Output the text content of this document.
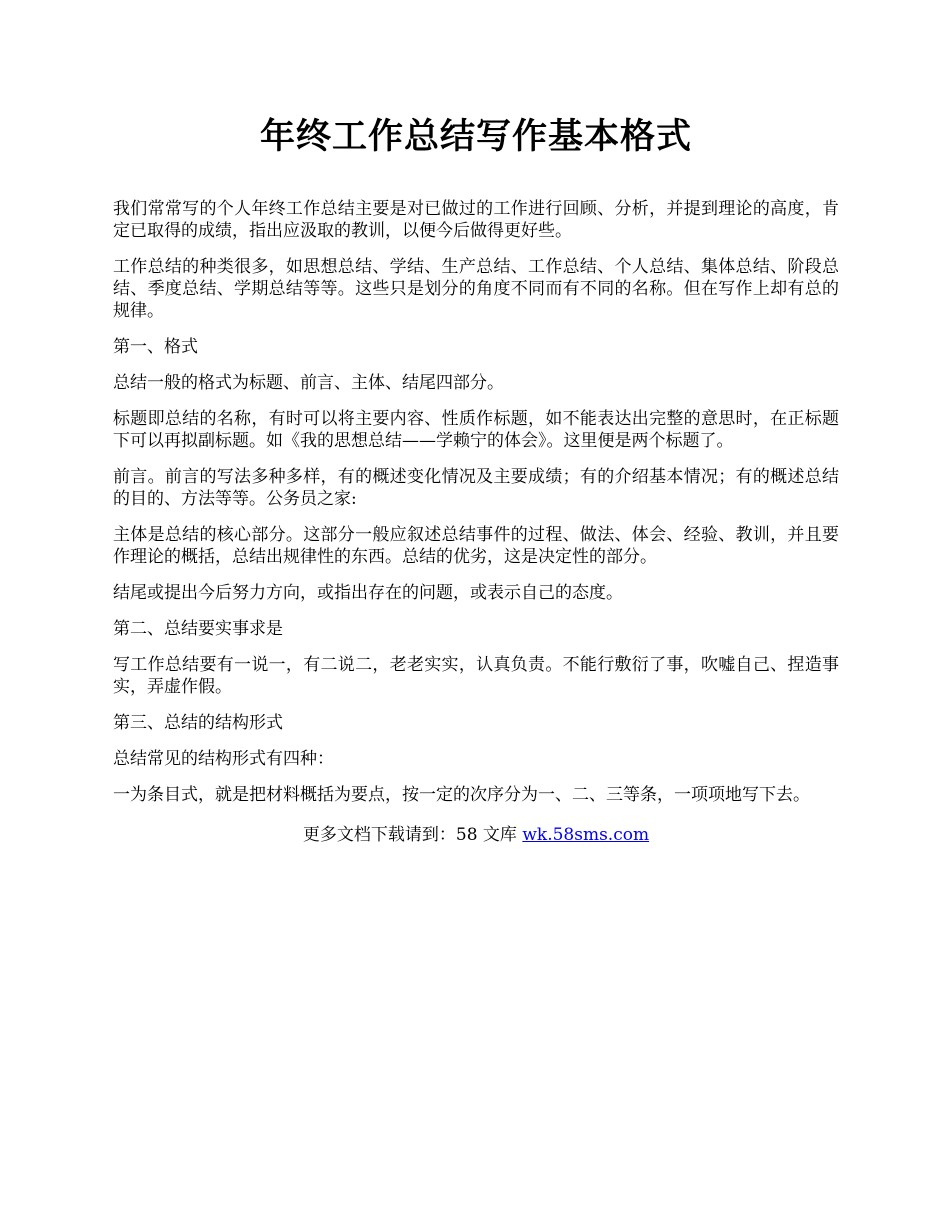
年终工作总结写作基本格式

我们常常写的个人年终工作总结主要是对已做过的工作进行回顾、分析，并提到理论的高度，肯定已取得的成绩，指出应汲取的教训，以便今后做得更好些。

工作总结的种类很多，如思想总结、学结、生产总结、工作总结、个人总结、集体总结、阶段总结、季度总结、学期总结等等。这些只是划分的角度不同而有不同的名称。但在写作上却有总的规律。

第一、格式

总结一般的格式为标题、前言、主体、结尾四部分。

标题即总结的名称，有时可以将主要内容、性质作标题，如不能表达出完整的意思时，在正标题下可以再拟副标题。如《我的思想总结——学赖宁的体会》。这里便是两个标题了。

前言。前言的写法多种多样，有的概述变化情况及主要成绩；有的介绍基本情况；有的概述总结的目的、方法等等。公务员之家:

主体是总结的核心部分。这部分一般应叙述总结事件的过程、做法、体会、经验、教训，并且要作理论的概括，总结出规律性的东西。总结的优劣，这是决定性的部分。

结尾或提出今后努力方向，或指出存在的问题，或表示自己的态度。

第二、总结要实事求是

写工作总结要有一说一，有二说二，老老实实，认真负责。不能行敷衍了事，吹嘘自己、捏造事实，弄虚作假。

第三、总结的结构形式

总结常见的结构形式有四种：

一为条目式，就是把材料概括为要点，按一定的次序分为一、二、三等条，一项项地写下去。

更多文档下载请到：58 文库 wk.58sms.com
